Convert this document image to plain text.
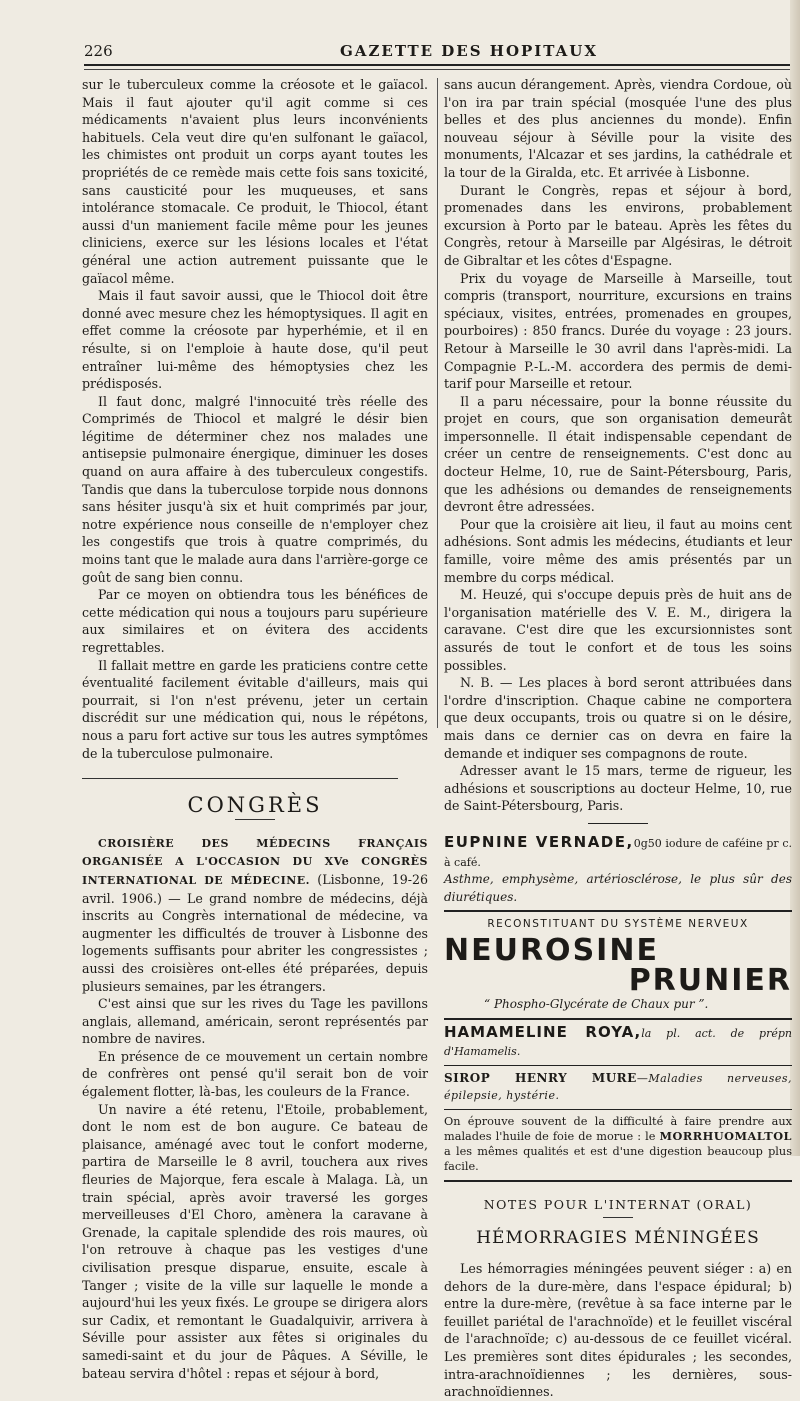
226	GAZETTE DES HOPITAUX

sur le tuberculeux comme la créosote et le gaïacol. Mais il faut ajouter qu'il agit comme si ces médicaments n'avaient plus leurs inconvénients habituels. Cela veut dire qu'en sulfonant le gaïacol, les chimistes ont produit un corps ayant toutes les propriétés de ce remède mais cette fois sans toxicité, sans causticité pour les muqueuses, et sans intolérance stomacale. Ce produit, le Thiocol, étant aussi d'un maniement facile même pour les jeunes cliniciens, exerce sur les lésions locales et l'état général une action autrement puissante que le gaïacol même.

Mais il faut savoir aussi, que le Thiocol doit être donné avec mesure chez les hémoptysiques. Il agit en effet comme la créosote par hyperhémie, et il en résulte, si on l'emploie à haute dose, qu'il peut entraîner lui-même des hémoptysies chez les prédisposés.

Il faut donc, malgré l'innocuité très réelle des Comprimés de Thiocol et malgré le désir bien légitime de déterminer chez nos malades une antisepsie pulmonaire énergique, diminuer les doses quand on aura affaire à des tuberculeux congestifs. Tandis que dans la tuberculose torpide nous donnons sans hésiter jusqu'à six et huit comprimés par jour, notre expérience nous conseille de n'employer chez les congestifs que trois à quatre comprimés, du moins tant que le malade aura dans l'arrière-gorge ce goût de sang bien connu.

Par ce moyen on obtiendra tous les bénéfices de cette médication qui nous a toujours paru supérieure aux similaires et on évitera des accidents regrettables.

Il fallait mettre en garde les praticiens contre cette éventualité facilement évitable d'ailleurs, mais qui pourrait, si l'on n'est prévenu, jeter un certain discrédit sur une médication qui, nous le répétons, nous a paru fort active sur tous les autres symptômes de la tuberculose pulmonaire.

CONGRÈS

CROISIÈRE DES MÉDECINS FRANÇAIS ORGANISÉE A L'OCCASION DU XVe CONGRÈS INTERNATIONAL DE MÉDECINE. (Lisbonne, 19-26 avril. 1906.) — Le grand nombre de médecins, déjà inscrits au Congrès international de médecine, va augmenter les difficultés de trouver à Lisbonne des logements suffisants pour abriter les congressistes ; aussi des croisières ont-elles été préparées, depuis plusieurs semaines, par les étrangers.

C'est ainsi que sur les rives du Tage les pavillons anglais, allemand, américain, seront représentés par nombre de navires.

En présence de ce mouvement un certain nombre de confrères ont pensé qu'il serait bon de voir également flotter, là-bas, les couleurs de la France.

Un navire a été retenu, l'Etoile, probablement, dont le nom est de bon augure. Ce bateau de plaisance, aménagé avec tout le confort moderne, partira de Marseille le 8 avril, touchera aux rives fleuries de Majorque, fera escale à Malaga. Là, un train spécial, après avoir traversé les gorges merveilleuses d'El Choro, amènera la caravane à Grenade, la capitale splendide des rois maures, où l'on retrouve à chaque pas les vestiges d'une civilisation presque disparue, ensuite, escale à Tanger ; visite de la ville sur laquelle le monde a aujourd'hui les yeux fixés. Le groupe se dirigera alors sur Cadix, et remontant le Guadalquivir, arrivera à Séville pour assister aux fêtes si originales du samedi-saint et du jour de Pâques. A Séville, le bateau servira d'hôtel : repas et séjour à bord,

sans aucun dérangement. Après, viendra Cordoue, où l'on ira par train spécial (mosquée l'une des plus belles et des plus anciennes du monde). Enfin nouveau séjour à Séville pour la visite des monuments, l'Alcazar et ses jardins, la cathédrale et la tour de la Giralda, etc. Et arrivée à Lisbonne.

Durant le Congrès, repas et séjour à bord, promenades dans les environs, probablement excursion à Porto par le bateau. Après les fêtes du Congrès, retour à Marseille par Algésiras, le détroit de Gibraltar et les côtes d'Espagne.

Prix du voyage de Marseille à Marseille, tout compris (transport, nourriture, excursions en trains spéciaux, visites, entrées, promenades en groupes, pourboires) : 850 francs. Durée du voyage : 23 jours. Retour à Marseille le 30 avril dans l'après-midi. La Compagnie P.-L.-M. accordera des permis de demi-tarif pour Marseille et retour.

Il a paru nécessaire, pour la bonne réussite du projet en cours, que son organisation demeurât impersonnelle. Il était indispensable cependant de créer un centre de renseignements. C'est donc au docteur Helme, 10, rue de Saint-Pétersbourg, Paris, que les adhésions ou demandes de renseignements devront être adressées.

Pour que la croisière ait lieu, il faut au moins cent adhésions. Sont admis les médecins, étudiants et leur famille, voire même des amis présentés par un membre du corps médical.

M. Heuzé, qui s'occupe depuis près de huit ans de l'organisation matérielle des V. E. M., dirigera la caravane. C'est dire que les excursionnistes sont assurés de tout le confort et de tous les soins possibles.

N. B. — Les places à bord seront attribuées dans l'ordre d'inscription. Chaque cabine ne comportera que deux occupants, trois ou quatre si on le désire, mais dans ce dernier cas on devra en faire la demande et indiquer ses compagnons de route.

Adresser avant le 15 mars, terme de rigueur, les adhésions et souscriptions au docteur Helme, 10, rue de Saint-Pétersbourg, Paris.

EUPNINE VERNADE,0g50 iodure de caféine pr c. à café.
Asthme, emphysème, artériosclérose, le plus sûr des diurétiques.
RECONSTITUANT DU SYSTÈME NERVEUX
NEUROSINE
PRUNIER
“ Phospho-Glycérate de Chaux pur ”.
HAMAMELINE ROYA,la pl. act. de prépn d'Hamamelis.
SIROP HENRY MURE—Maladies nerveuses, épilepsie, hystérie.

On éprouve souvent de la difficulté à faire prendre aux malades l'huile de foie de morue : le MORRHUOMALTOL a les mêmes qualités et est d'une digestion beaucoup plus facile.

NOTES POUR L'INTERNAT (ORAL)
HÉMORRAGIES MÉNINGÉES

Les hémorragies méningées peuvent siéger : a) en dehors de la dure-mère, dans l'espace épidural; b) entre la dure-mère, (revêtue à sa face interne par le feuillet pariétal de l'arachnoïde) et le feuillet viscéral de l'arachnoïde; c) au-dessous de ce feuillet vicéral. Les premières sont dites épidurales ; les secondes, intra-arachnoïdiennes ; les dernières, sous-arachnoïdiennes.
